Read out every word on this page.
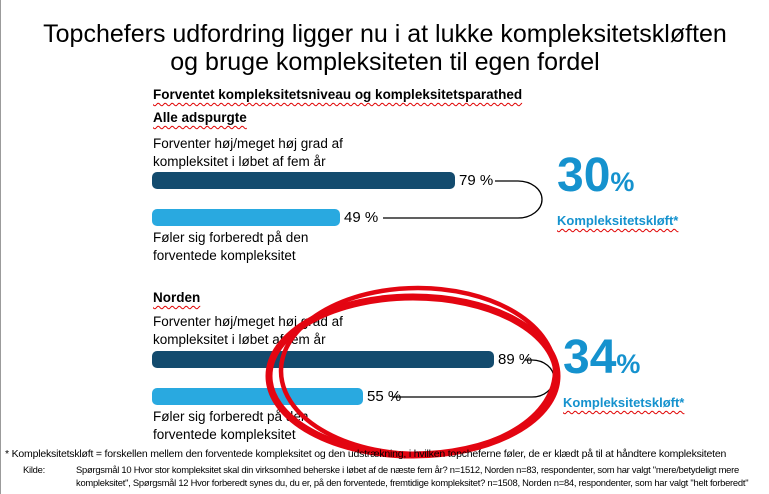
Topchefers udfordring ligger nu i at lukke kompleksitetskløften
og bruge kompleksiteten til egen fordel
Forventet kompleksitetsniveau og kompleksitetsparathed
Alle adspurgte
Forventer høj/meget høj grad af
kompleksitet i løbet af fem år
79 %
49 %
Føler sig forberedt på den
forventede kompleksitet
30%
Kompleksitetskløft*
Norden
Forventer høj/meget høj grad af
kompleksitet i løbet af fem år
89 %
55 %
Føler sig forberedt på den
forventede kompleksitet
34%
Kompleksitetskløft*
* Kompleksitetskløft = forskellen mellem den forventede kompleksitet og den udstrækning, i hvilken topcheferne føler, de er klædt på til at håndtere kompleksiteten
Kilde:	Spørgsmål 10 Hvor stor kompleksitet skal din virksomhed beherske i løbet af de næste fem år? n=1512, Norden n=83, respondenter, som har valgt "mere/betydeligt mere
kompleksitet", Spørgsmål 12 Hvor forberedt synes du, du er, på den forventede, fremtidige kompleksitet? n=1508, Norden n=84, respondenter, som har valgt "helt forberedt"
